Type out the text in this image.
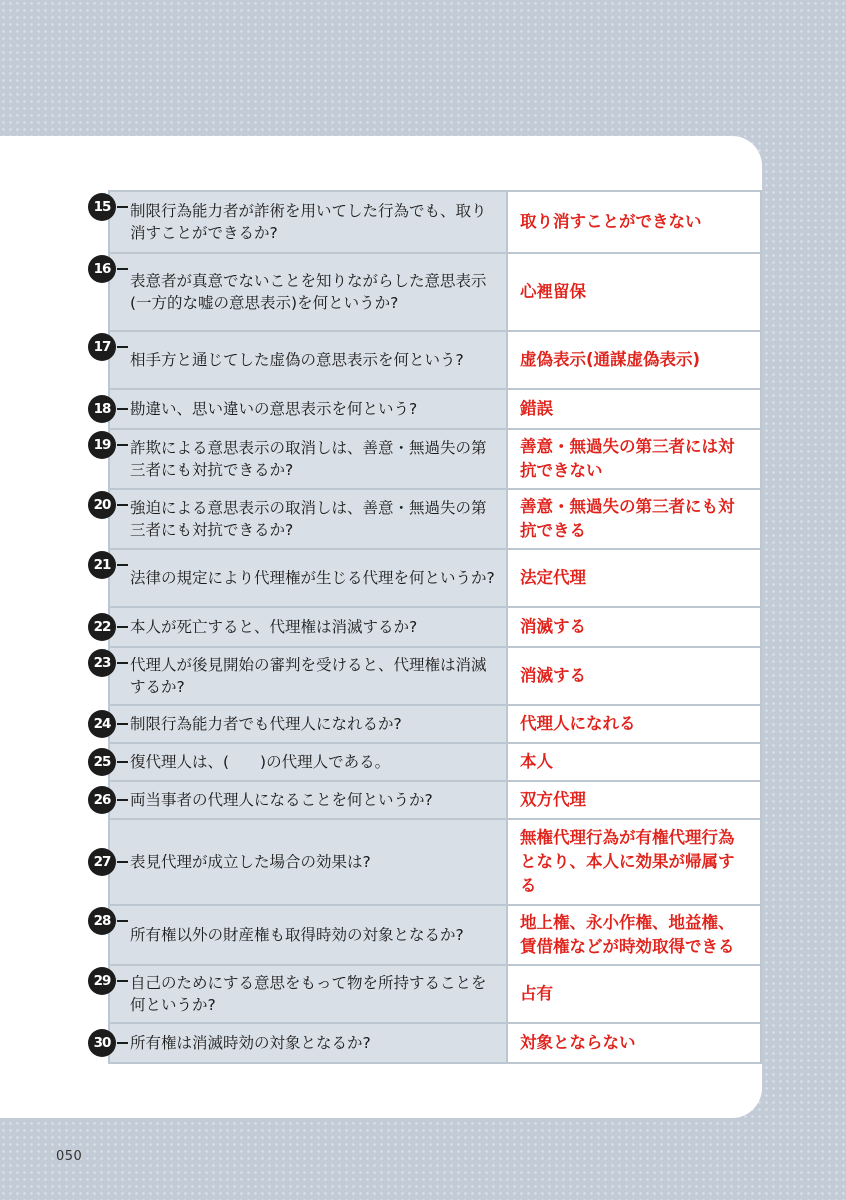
15 制限行為能力者が詐術を用いてした行為でも、取り消すことができるか?	取り消すことができない

16
表意者が真意でないことを知りながらした意思表示(一方的な嘘の意思表示)を何というか?	心裡留保

17
相手方と通じてした虚偽の意思表示を何という?	虚偽表示(通謀虚偽表示)

18 勘違い、思い違いの意思表示を何という?	錯誤

19 詐欺による意思表示の取消しは、善意・無過失の第三者にも対抗できるか?	善意・無過失の第三者には対抗できない

20 強迫による意思表示の取消しは、善意・無過失の第三者にも対抗できるか?	善意・無過失の第三者にも対抗できる

21
法律の規定により代理権が生じる代理を何というか?	法定代理

22 本人が死亡すると、代理権は消滅するか?	消滅する

23 代理人が後見開始の審判を受けると、代理権は消滅するか?	消滅する

24 制限行為能力者でも代理人になれるか?	代理人になれる

25 復代理人は、(　　)の代理人である。	本人

26 両当事者の代理人になることを何というか?	双方代理

27 表見代理が成立した場合の効果は?	無権代理行為が有権代理行為となり、本人に効果が帰属する

28
所有権以外の財産権も取得時効の対象となるか?	地上権、永小作権、地益権、賃借権などが時効取得できる

29 自己のためにする意思をもって物を所持することを何というか?	占有

30 所有権は消滅時効の対象となるか?	対象とならない
050
